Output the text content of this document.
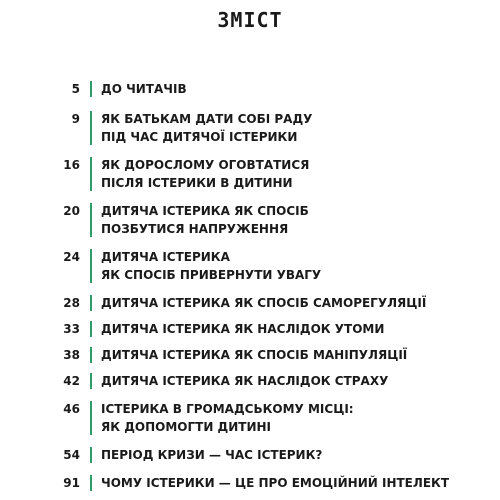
ЗМІСТ
5 ДО ЧИТАЧІВ
9 ЯК БАТЬКАМ ДАТИ СОБІ РАДУ
ПІД ЧАС ДИТЯЧОЇ ІСТЕРИКИ
16 ЯК ДОРОСЛОМУ ОГОВТАТИСЯ
ПІСЛЯ ІСТЕРИКИ В ДИТИНИ
20 ДИТЯЧА ІСТЕРИКА ЯК СПОСІБ
ПОЗБУТИСЯ НАПРУЖЕННЯ
24 ДИТЯЧА ІСТЕРИКА
ЯК СПОСІБ ПРИВЕРНУТИ УВАГУ
28 ДИТЯЧА ІСТЕРИКА ЯК СПОСІБ САМОРЕГУЛЯЦІЇ
33 ДИТЯЧА ІСТЕРИКА ЯК НАСЛІДОК УТОМИ
38 ДИТЯЧА ІСТЕРИКА ЯК СПОСІБ МАНІПУЛЯЦІЇ
42 ДИТЯЧА ІСТЕРИКА ЯК НАСЛІДОК СТРАХУ
46 ІСТЕРИКА В ГРОМАДСЬКОМУ МІСЦІ:
ЯК ДОПОМОГТИ ДИТИНІ
54 ПЕРІОД КРИЗИ — ЧАС ІСТЕРИК?
91 ЧОМУ ІСТЕРИКИ — ЦЕ ПРО ЕМОЦІЙНИЙ ІНТЕЛЕКТ
